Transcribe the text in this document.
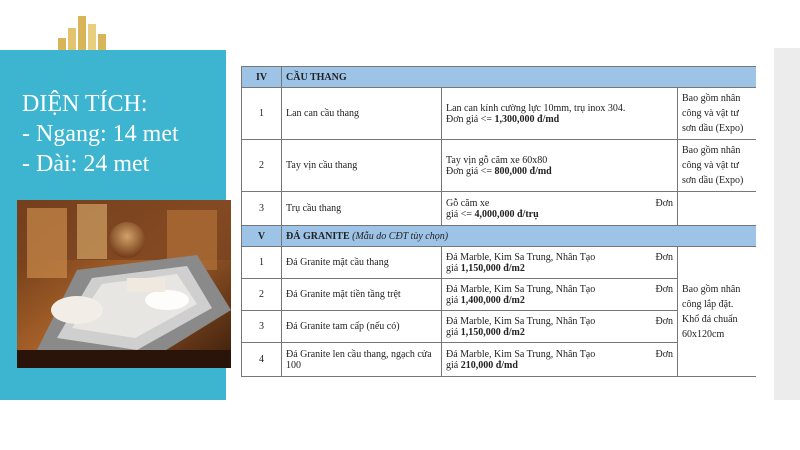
DIỆN TÍCH:
- Ngang: 14 met
- Dài: 24 met
IV	CẦU THANG		
1	Lan can cầu thang	Lan can kính cường lực 10mm, trụ inox 304.
Đơn giá <= 1,300,000 đ/md	Bao gồm nhân công và vật tư sơn dầu (Expo)
2	Tay vịn cầu thang	Tay vịn gỗ căm xe 60x80
Đơn giá <= 800,000 đ/md	Bao gồm nhân công và vật tư sơn dầu (Expo)
3	Trụ cầu thang	Gỗ căm xe Đơn
giá <= 4,000,000 đ/trụ	

V	ĐÁ GRANITE (Mẫu do CĐT tùy chọn)		
1	Đá Granite mặt cầu thang	Đá Marble, Kim Sa Trung, Nhân Tạo Đơn
giá 1,150,000 đ/m2	Bao gồm nhân công lắp đặt. Khổ đá chuẩn 60x120cm
2	Đá Granite mặt tiền tầng trệt	Đá Marble, Kim Sa Trung, Nhân Tạo Đơn
giá 1,400,000 đ/m2	

3	Đá Granite tam cấp (nếu có)	Đá Marble, Kim Sa Trung, Nhân Tạo Đơn
giá 1,150,000 đ/m2	

4	Đá Granite len cầu thang, ngạch cửa 100	Đá Marble, Kim Sa Trung, Nhân Tạo Đơn
giá 210,000 đ/md	
